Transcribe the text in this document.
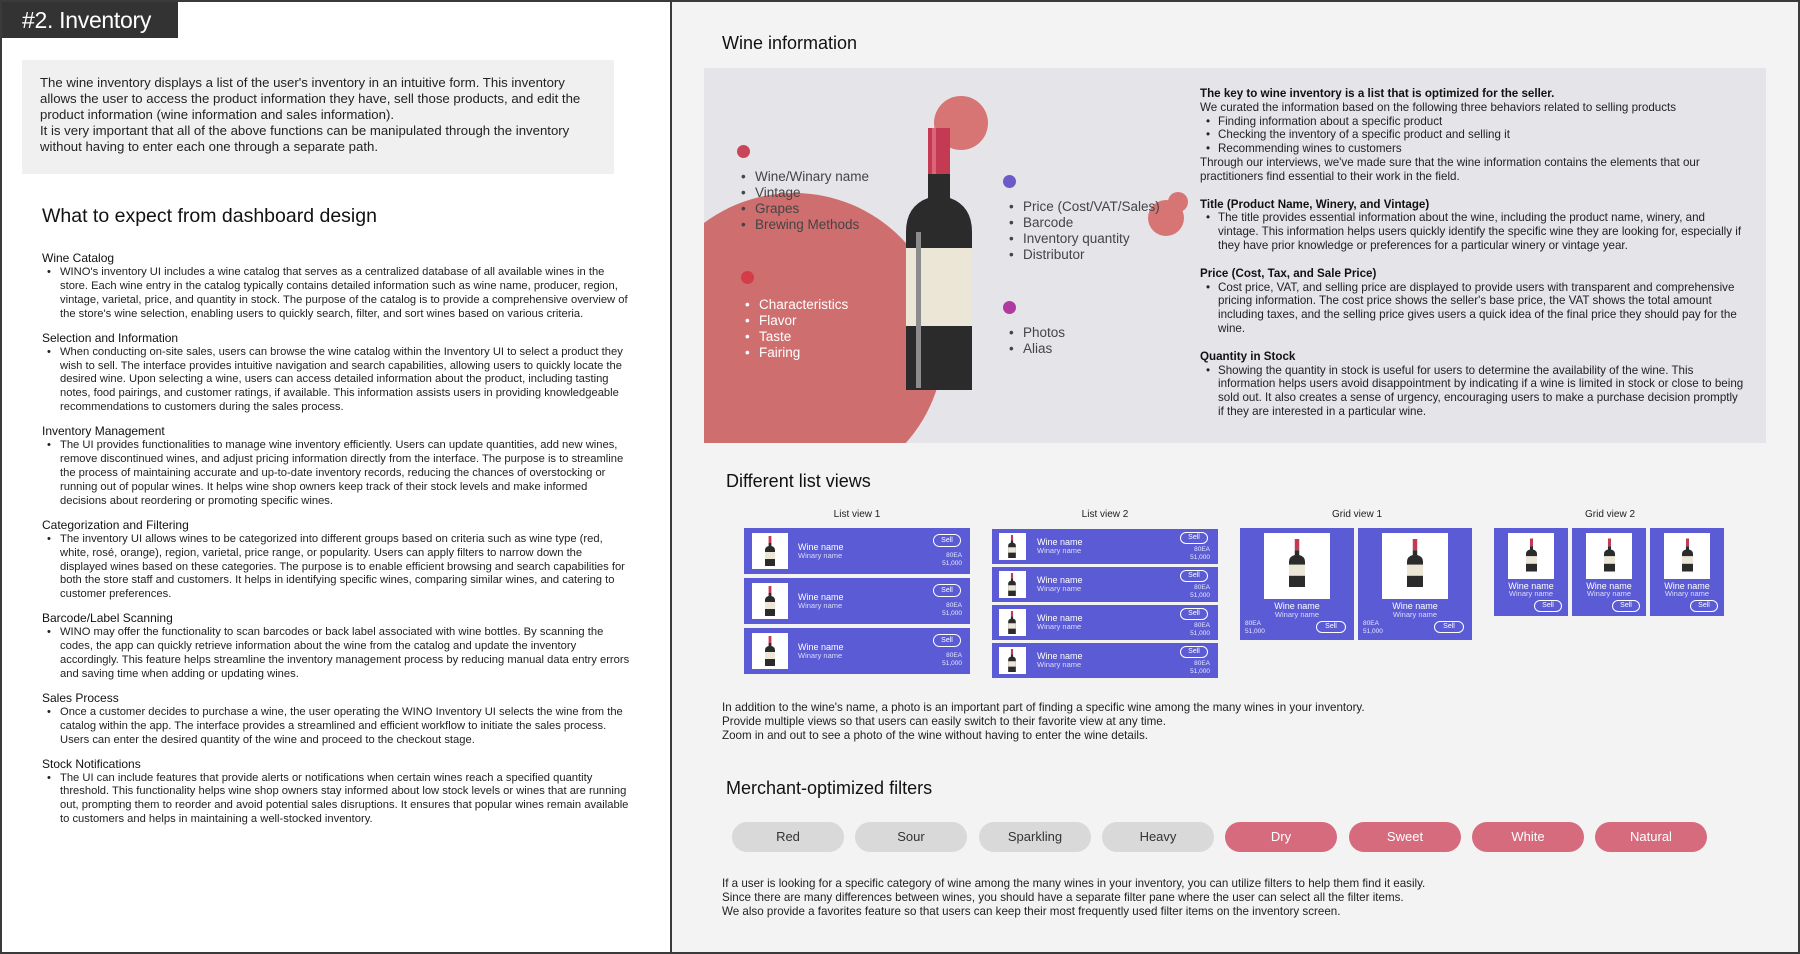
#2. Inventory

The wine inventory displays a list of the user's inventory in an intuitive form. This inventory allows the user to access the product information they have, sell those products, and edit the product information (wine information and sales information).

It is very important that all of the above functions can be manipulated through the inventory without having to enter each one through a separate path.

What to expect from dashboard design
Wine Catalog
• WINO's inventory UI includes a wine catalog that serves as a centralized database of all available wines in the store. Each wine entry in the catalog typically contains detailed information such as wine name, producer, region, vintage, varietal, price, and quantity in stock. The purpose of the catalog is to provide a comprehensive overview of the store's wine selection, enabling users to quickly search, filter, and sort wines based on various criteria.
Selection and Information
• When conducting on-site sales, users can browse the wine catalog within the Inventory UI to select a product they wish to sell. The interface provides intuitive navigation and search capabilities, allowing users to quickly locate the desired wine. Upon selecting a wine, users can access detailed information about the product, including tasting notes, food pairings, and customer ratings, if available. This information assists users in providing knowledgeable recommendations to customers during the sales process.
Inventory Management
• The UI provides functionalities to manage wine inventory efficiently. Users can update quantities, add new wines, remove discontinued wines, and adjust pricing information directly from the interface. The purpose is to streamline the process of maintaining accurate and up-to-date inventory records, reducing the chances of overstocking or running out of popular wines. It helps wine shop owners keep track of their stock levels and make informed decisions about reordering or promoting specific wines.
Categorization and Filtering
• The inventory UI allows wines to be categorized into different groups based on criteria such as wine type (red, white, rosé, orange), region, varietal, price range, or popularity. Users can apply filters to narrow down the displayed wines based on these categories. The purpose is to enable efficient browsing and search capabilities for both the store staff and customers. It helps in identifying specific wines, comparing similar wines, and catering to customer preferences.
Barcode/Label Scanning
• WINO may offer the functionality to scan barcodes or back label associated with wine bottles. By scanning the codes, the app can quickly retrieve information about the wine from the catalog and update the inventory accordingly. This feature helps streamline the inventory management process by reducing manual data entry errors and saving time when adding or updating wines.
Sales Process
• Once a customer decides to purchase a wine, the user operating the WINO Inventory UI selects the wine from the catalog within the app. The interface provides a streamlined and efficient workflow to initiate the sales process. Users can enter the desired quantity of the wine and proceed to the checkout stage.
Stock Notifications
• The UI can include features that provide alerts or notifications when certain wines reach a specified quantity threshold. This functionality helps wine shop owners stay informed about low stock levels or wines that are running out, prompting them to reorder and avoid potential sales disruptions. It ensures that popular wines remain available to customers and helps in maintaining a well-stocked inventory.
Wine information
• Wine/Winary name
• Vintage
• Grapes
• Brewing Methods
• Characteristics
• Flavor
• Taste
• Fairing
• Price (Cost/VAT/Sales)
• Barcode
• Inventory quantity
• Distributor
• Photos
• Alias
The key to wine inventory is a list that is optimized for the seller.
We curated the information based on the following three behaviors related to selling products
• Finding information about a specific product
• Checking the inventory of a specific product and selling it
• Recommending wines to customers
Through our interviews, we've made sure that the wine information contains the elements that our practitioners find essential to their work in the field.
Title (Product Name, Winery, and Vintage)
• The title provides essential information about the wine, including the product name, winery, and vintage. This information helps users quickly identify the specific wine they are looking for, especially if they have prior knowledge or preferences for a particular winery or vintage year.
Price (Cost, Tax, and Sale Price)
• Cost price, VAT, and selling price are displayed to provide users with transparent and comprehensive pricing information. The cost price shows the seller's base price, the VAT shows the total amount including taxes, and the selling price gives users a quick idea of the final price they should pay for the wine.
Quantity in Stock
• Showing the quantity in stock is useful for users to determine the availability of the wine. This information helps users avoid disappointment by indicating if a wine is limited in stock or close to being sold out. It also creates a sense of urgency, encouraging users to make a purchase decision promptly if they are interested in a particular wine.
Different list views
List view 1	List view 2	Grid view 1	Grid view 2
Wine name
Winary name
Sell
80EA
51,000
Wine name
Winary name
Sell
80EA
51,000
Wine name
Winary name
Sell
80EA
51,000
Wine name
Winary name
Sell
80EA
51,000
Wine name
Winary name
Sell
80EA
51,000
Wine name
Winary name
Sell
80EA
51,000
Wine name
Winary name
Sell
80EA
51,000
Wine name
Winary name
80EA
51,000
Sell
Wine name
Winary name
80EA
51,000
Sell
Wine name
Winary name
Sell
Wine name
Winary name
Sell
Wine name
Winary name
Sell

In addition to the wine's name, a photo is an important part of finding a specific wine among the many wines in your inventory.

Provide multiple views so that users can easily switch to their favorite view at any time.

Zoom in and out to see a photo of the wine without having to enter the wine details.

Merchant-optimized filters
Red	Sour	Sparkling	Heavy	Dry	Sweet	White	Natural

If a user is looking for a specific category of wine among the many wines in your inventory, you can utilize filters to help them find it easily.

Since there are many differences between wines, you should have a separate filter pane where the user can select all the filter items.

We also provide a favorites feature so that users can keep their most frequently used filter items on the inventory screen.
